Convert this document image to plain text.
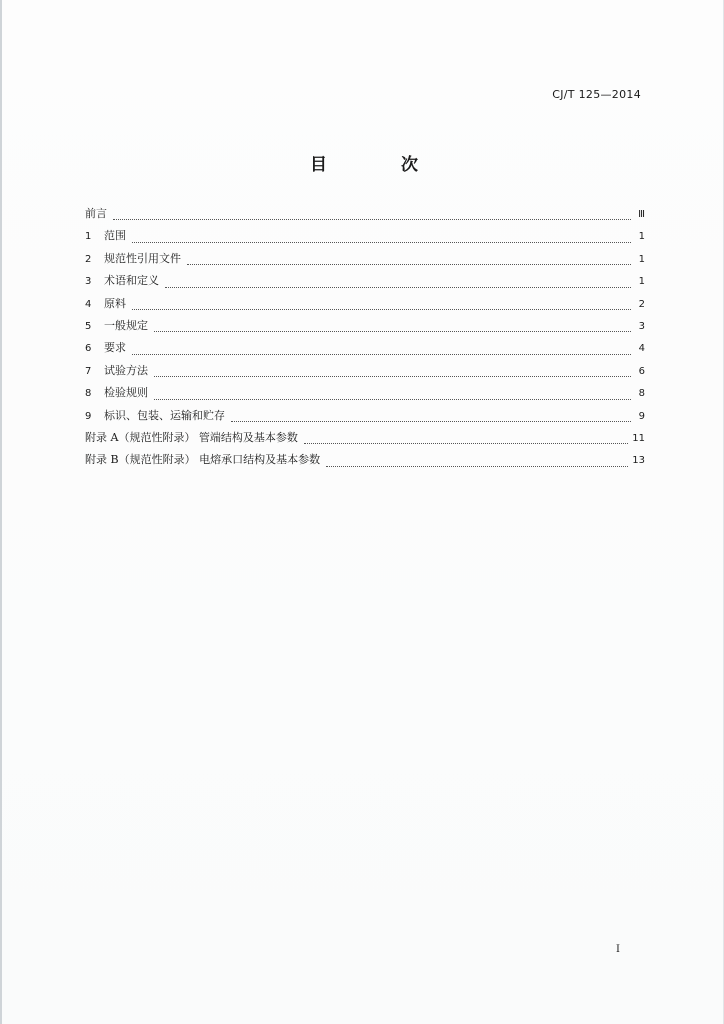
CJ/T 125—2014
目 次
前言	Ⅲ
1	范围	1
2	规范性引用文件	1
3	术语和定义	1
4	原料	2
5	一般规定	3
6	要求	4
7	试验方法	6
8	检验规则	8
9	标识、包装、运输和贮存	9
附录 A（规范性附录） 管端结构及基本参数	11
附录 B（规范性附录） 电熔承口结构及基本参数	13
I
